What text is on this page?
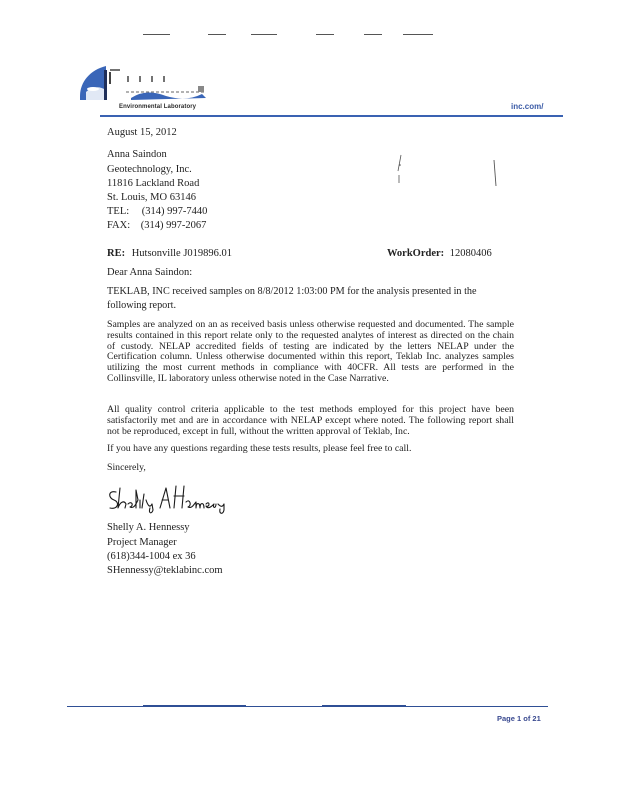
Environmental Laboratory	inc.com/
August 15, 2012
Anna Saindon
Geotechnology, Inc.
11816 Lackland Road
St. Louis, MO 63146
TEL: (314) 997-7440
FAX: (314) 997-2067
RE: Hutsonville J019896.01	WorkOrder: 12080406
Dear Anna Saindon:
TEKLAB, INC received samples on 8/8/2012 1:03:00 PM for the analysis presented in the
following report.
Samples are analyzed on an as received basis unless otherwise requested and documented. The sample results contained in this report relate only to the requested analytes of interest as directed on the chain of custody. NELAP accredited fields of testing are indicated by the letters NELAP under the Certification column. Unless otherwise documented within this report, Teklab Inc. analyzes samples utilizing the most current methods in compliance with 40CFR. All tests are performed in the Collinsville, IL laboratory unless otherwise noted in the Case Narrative.
All quality control criteria applicable to the test methods employed for this project have been satisfactorily met and are in accordance with NELAP except where noted. The following report shall not be reproduced, except in full, without the written approval of Teklab, Inc.
If you have any questions regarding these tests results, please feel free to call.
Sincerely,
Shelly A. Hennessy
Project Manager
(618)344-1004 ex 36
SHennessy@teklabinc.com
Page 1 of 21
